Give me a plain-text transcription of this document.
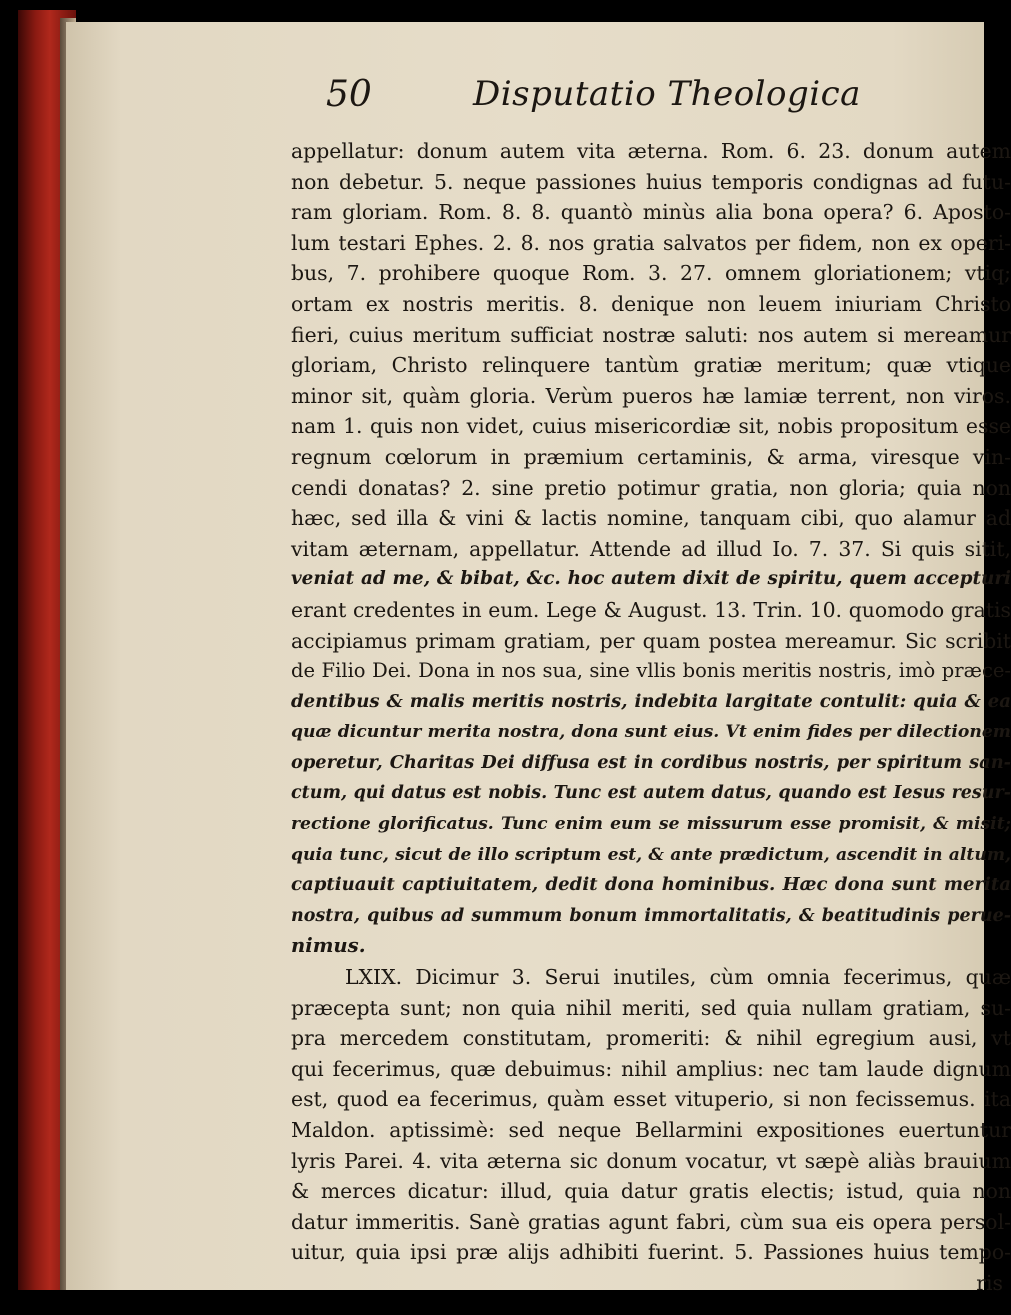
50	Disputatio Theologica
appellatur: donum autem vita æterna. Rom. 6. 23. donum autem
non debetur. 5. neque passiones huius temporis condignas ad futu-
ram gloriam. Rom. 8. 8. quantò minùs alia bona opera? 6. Aposto-
lum testari Ephes. 2. 8. nos gratia salvatos per fidem, non ex operi-
bus, 7. prohibere quoque Rom. 3. 27. omnem gloriationem; vtiq;
ortam ex nostris meritis. 8. denique non leuem iniuriam Christo
fieri, cuius meritum sufficiat nostræ saluti: nos autem si mereamur
gloriam, Christo relinquere tantùm gratiæ meritum; quæ vtique
minor sit, quàm gloria. Verùm pueros hæ lamiæ terrent, non viros.
nam 1. quis non videt, cuius misericordiæ sit, nobis propositum esse
regnum cœlorum in præmium certaminis, & arma, viresque vin-
cendi donatas? 2. sine pretio potimur gratia, non gloria; quia non
hæc, sed illa & vini & lactis nomine, tanquam cibi, quo alamur ad
vitam æternam, appellatur. Attende ad illud Io. 7. 37. Si quis sitit,
veniat ad me, & bibat, &c. hoc autem dixit de spiritu, quem accepturi
erant credentes in eum. Lege & August. 13. Trin. 10. quomodo gratis
accipiamus primam gratiam, per quam postea mereamur. Sic scribit
de Filio Dei. Dona in nos sua, sine vllis bonis meritis nostris, imò præce-
dentibus & malis meritis nostris, indebita largitate contulit: quia & ea
quæ dicuntur merita nostra, dona sunt eius. Vt enim fides per dilectionem
operetur, Charitas Dei diffusa est in cordibus nostris, per spiritum san-
ctum, qui datus est nobis. Tunc est autem datus, quando est Iesus resur-
rectione glorificatus. Tunc enim eum se missurum esse promisit, & misit;
quia tunc, sicut de illo scriptum est, & ante prædictum, ascendit in altum,
captiuauit captiuitatem, dedit dona hominibus. Hæc dona sunt merita
nostra, quibus ad summum bonum immortalitatis, & beatitudinis perue-
nimus.
LXIX. Dicimur 3. Serui inutiles, cùm omnia fecerimus, quæ
præcepta sunt; non quia nihil meriti, sed quia nullam gratiam, su-
pra mercedem constitutam, promeriti: & nihil egregium ausi, vt
qui fecerimus, quæ debuimus: nihil amplius: nec tam laude dignum
est, quod ea fecerimus, quàm esset vituperio, si non fecissemus. ita
Maldon. aptissimè: sed neque Bellarmini expositiones euertuntur
lyris Parei. 4. vita æterna sic donum vocatur, vt sæpè aliàs brauium
& merces dicatur: illud, quia datur gratis electis; istud, quia non
datur immeritis. Sanè gratias agunt fabri, cùm sua eis opera persol-
uitur, quia ipsi præ alijs adhibiti fuerint. 5. Passiones huius tempo-
ris
